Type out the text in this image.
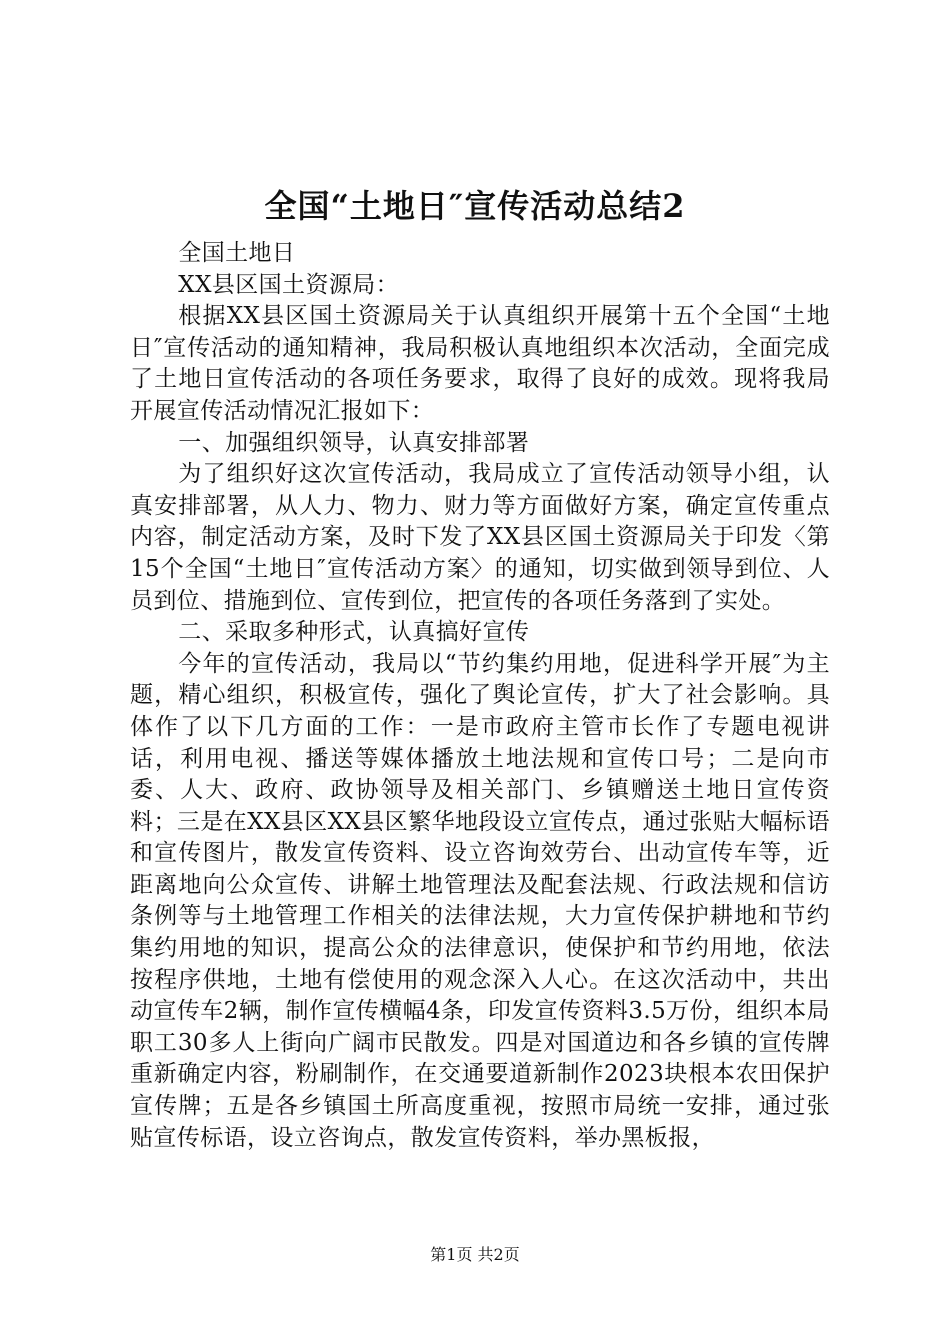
全国“土地日″宣传活动总结2

全国土地日

XX县区国土资源局：

根据XX县区国土资源局关于认真组织开展第十五个全国“土地日″宣传活动的通知精神，我局积极认真地组织本次活动，全面完成了土地日宣传活动的各项任务要求，取得了良好的成效。现将我局开展宣传活动情况汇报如下：

一、加强组织领导，认真安排部署

为了组织好这次宣传活动，我局成立了宣传活动领导小组，认真安排部署，从人力、物力、财力等方面做好方案，确定宣传重点内容，制定活动方案，及时下发了XX县区国土资源局关于印发〈第15个全国“土地日″宣传活动方案〉的通知，切实做到领导到位、人员到位、措施到位、宣传到位，把宣传的各项任务落到了实处。

二、采取多种形式，认真搞好宣传

今年的宣传活动，我局以“节约集约用地，促进科学开展″为主题，精心组织，积极宣传，强化了舆论宣传，扩大了社会影响。具体作了以下几方面的工作：一是市政府主管市长作了专题电视讲话，利用电视、播送等媒体播放土地法规和宣传口号；二是向市委、人大、政府、政协领导及相关部门、乡镇赠送土地日宣传资料；三是在XX县区XX县区繁华地段设立宣传点，通过张贴大幅标语和宣传图片，散发宣传资料、设立咨询效劳台、出动宣传车等，近距离地向公众宣传、讲解土地管理法及配套法规、行政法规和信访条例等与土地管理工作相关的法律法规，大力宣传保护耕地和节约集约用地的知识，提高公众的法律意识，使保护和节约用地，依法按程序供地，土地有偿使用的观念深入人心。在这次活动中，共出动宣传车2辆，制作宣传横幅4条，印发宣传资料3.5万份，组织本局职工30多人上街向广阔市民散发。四是对国道边和各乡镇的宣传牌重新确定内容，粉刷制作，在交通要道新制作2023块根本农田保护宣传牌；五是各乡镇国土所高度重视，按照市局统一安排，通过张贴宣传标语，设立咨询点，散发宣传资料，举办黑板报，

第1页 共2页
